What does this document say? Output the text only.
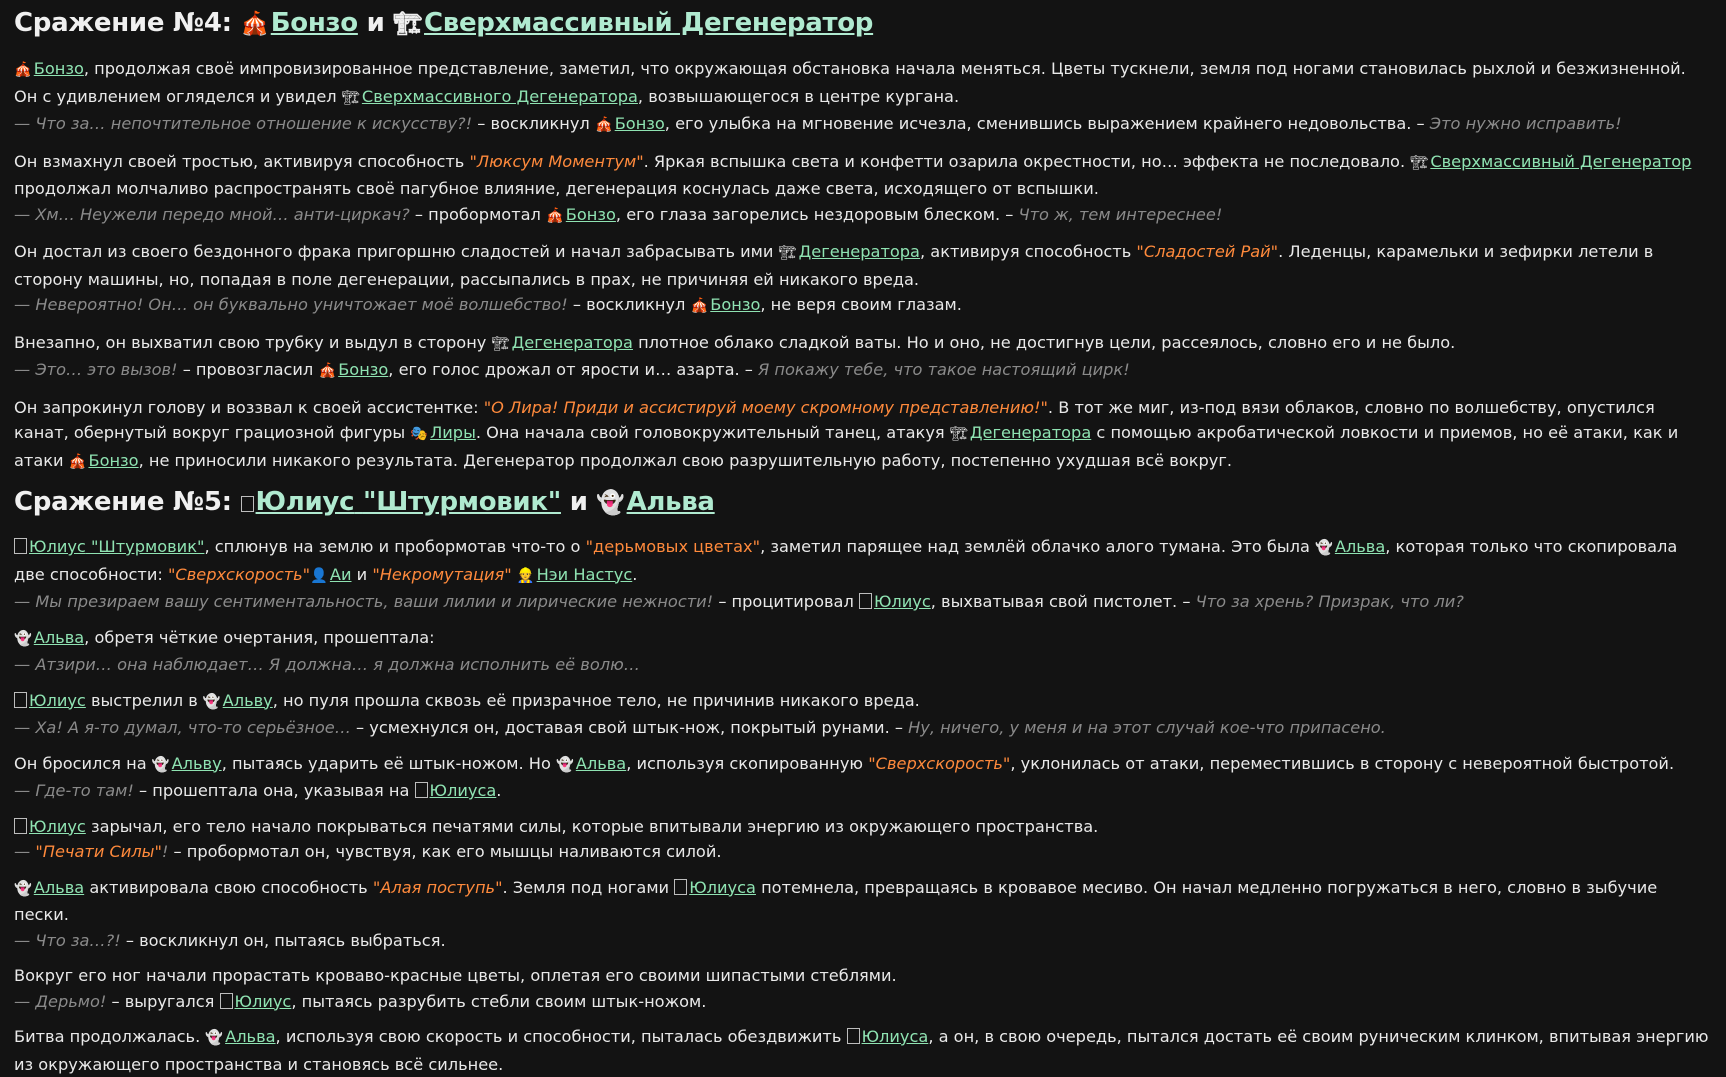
Сражение №4: 🎪Бонзо и 🏗Сверхмассивный Дегенератор

🎪 Бонзо, продолжая своё импровизированное представление, заметил, что окружающая обстановка начала меняться. Цветы тускнели, земля под ногами становилась рыхлой и безжизненной. Он с удивлением огляделся и увидел 🏗 Сверхмассивного Дегенератора, возвышающегося в центре кургана.
— Что за… непочтительное отношение к искусству?! – воскликнул 🎪 Бонзо, его улыбка на мгновение исчезла, сменившись выражением крайнего недовольства. – Это нужно исправить!

Он взмахнул своей тростью, активируя способность "Люксум Моментум". Яркая вспышка света и конфетти озарила окрестности, но… эффекта не последовало. 🏗 Сверхмассивный Дегенератор продолжал молчаливо распространять своё пагубное влияние, дегенерация коснулась даже света, исходящего от вспышки.
— Хм… Неужели передо мной… анти-циркач? – пробормотал 🎪 Бонзо, его глаза загорелись нездоровым блеском. – Что ж, тем интереснее!

Он достал из своего бездонного фрака пригоршню сладостей и начал забрасывать ими 🏗 Дегенератора, активируя способность "Сладостей Рай". Леденцы, карамельки и зефирки летели в сторону машины, но, попадая в поле дегенерации, рассыпались в прах, не причиняя ей никакого вреда.
— Невероятно! Он… он буквально уничтожает моё волшебство! – воскликнул 🎪 Бонзо, не веря своим глазам.

Внезапно, он выхватил свою трубку и выдул в сторону 🏗 Дегенератора плотное облако сладкой ваты. Но и оно, не достигнув цели, рассеялось, словно его и не было.
— Это… это вызов! – провозгласил 🎪 Бонзо, его голос дрожал от ярости и… азарта. – Я покажу тебе, что такое настоящий цирк!

Он запрокинул голову и воззвал к своей ассистентке: "О Лира! Приди и ассистируй моему скромному представлению!". В тот же миг, из-под вязи облаков, словно по волшебству, опустился канат, обернутый вокруг грациозной фигуры 🎭 Лиры. Она начала свой головокружительный танец, атакуя 🏗 Дегенератора с помощью акробатической ловкости и приемов, но её атаки, как и атаки 🎪 Бонзо, не приносили никакого результата. Дегенератор продолжал свою разрушительную работу, постепенно ухудшая всё вокруг.

Сражение №5: Юлиус "Штурмовик" и 👻Альва

Юлиус "Штурмовик", сплюнув на землю и пробормотав что-то о "дерьмовых цветах", заметил парящее над землёй облачко алого тумана. Это была 👻 Альва, которая только что скопировала две способности: "Сверхскорость"👤 Аи и "Некромутация" 👷 Нэи Настус.
— Мы презираем вашу сентиментальность, ваши лилии и лирические нежности! – процитировал Юлиус, выхватывая свой пистолет. – Что за хрень? Призрак, что ли?

👻 Альва, обретя чёткие очертания, прошептала:
— Атзири… она наблюдает… Я должна… я должна исполнить её волю…

Юлиус выстрелил в 👻 Альву, но пуля прошла сквозь её призрачное тело, не причинив никакого вреда.
— Ха! А я-то думал, что-то серьёзное… – усмехнулся он, доставая свой штык-нож, покрытый рунами. – Ну, ничего, у меня и на этот случай кое-что припасено.

Он бросился на 👻 Альву, пытаясь ударить её штык-ножом. Но 👻 Альва, используя скопированную "Сверхскорость", уклонилась от атаки, переместившись в сторону с невероятной быстротой.
— Где-то там! – прошептала она, указывая на Юлиуса.

Юлиус зарычал, его тело начало покрываться печатями силы, которые впитывали энергию из окружающего пространства.
— "Печати Силы"! – пробормотал он, чувствуя, как его мышцы наливаются силой.

👻 Альва активировала свою способность "Алая поступь". Земля под ногами Юлиуса потемнела, превращаясь в кровавое месиво. Он начал медленно погружаться в него, словно в зыбучие пески.
— Что за…?! – воскликнул он, пытаясь выбраться.

Вокруг его ног начали прорастать кроваво-красные цветы, оплетая его своими шипастыми стеблями.
— Дерьмо! – выругался Юлиус, пытаясь разрубить стебли своим штык-ножом.

Битва продолжалась. 👻 Альва, используя свою скорость и способности, пыталась обездвижить Юлиуса, а он, в свою очередь, пытался достать её своим руническим клинком, впитывая энергию из окружающего пространства и становясь всё сильнее.
